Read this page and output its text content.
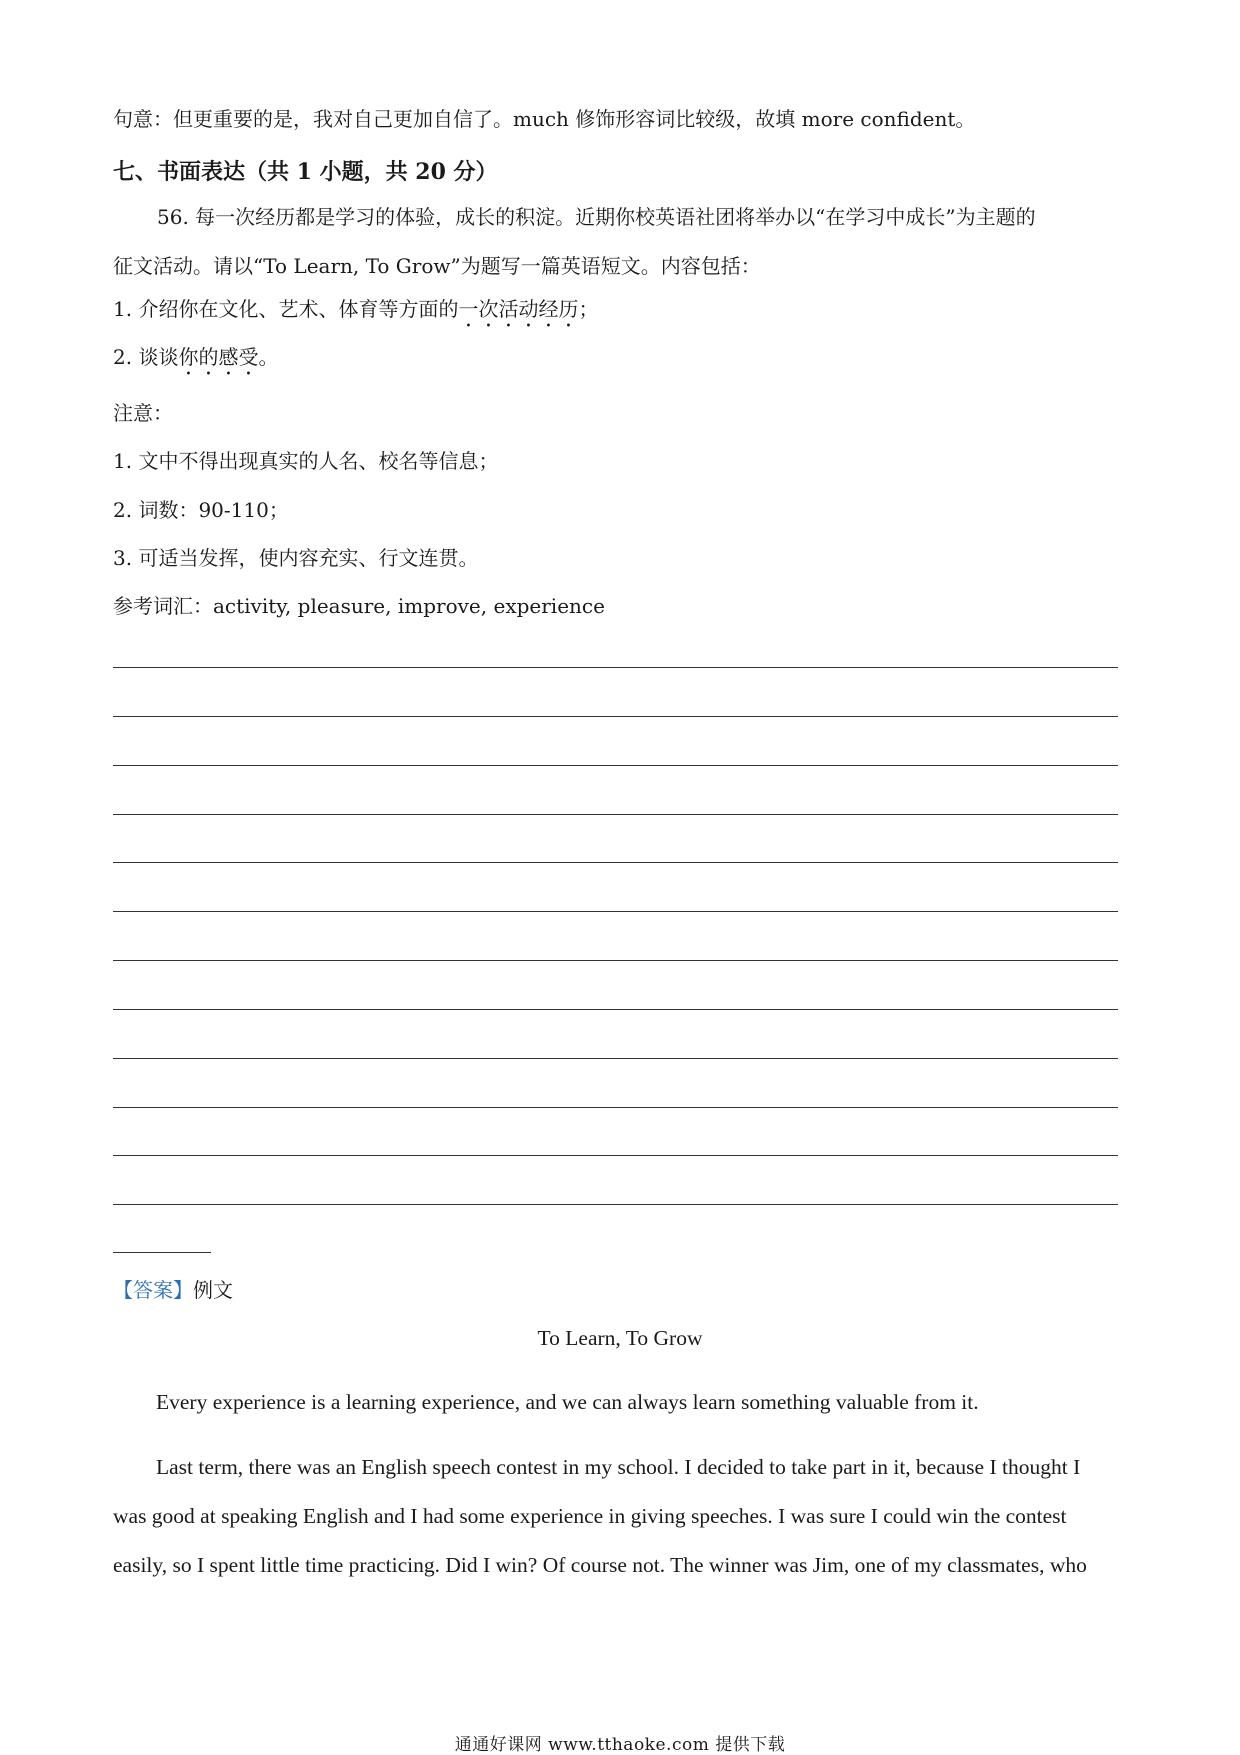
句意：但更重要的是，我对自己更加自信了。much 修饰形容词比较级，故填 more confident。
七、书面表达（共 1 小题，共 20 分）
56. 每一次经历都是学习的体验，成长的积淀。近期你校英语社团将举办以“在学习中成长”为主题的
征文活动。请以“To Learn, To Grow”为题写一篇英语短文。内容包括：
1. 介绍你在文化、艺术、体育等方面的一次活动经历；
2. 谈谈你的感受。
注意：
1. 文中不得出现真实的人名、校名等信息；
2. 词数：90-110；
3. 可适当发挥，使内容充实、行文连贯。
参考词汇：activity, pleasure, improve, experience
【答案】例文
To Learn, To Grow
Every experience is a learning experience, and we can always learn something valuable from it.
Last term, there was an English speech contest in my school. I decided to take part in it, because I thought I
was good at speaking English and I had some experience in giving speeches. I was sure I could win the contest
easily, so I spent little time practicing. Did I win? Of course not. The winner was Jim, one of my classmates, who
通通好课网 www.tthaoke.com 提供下载
